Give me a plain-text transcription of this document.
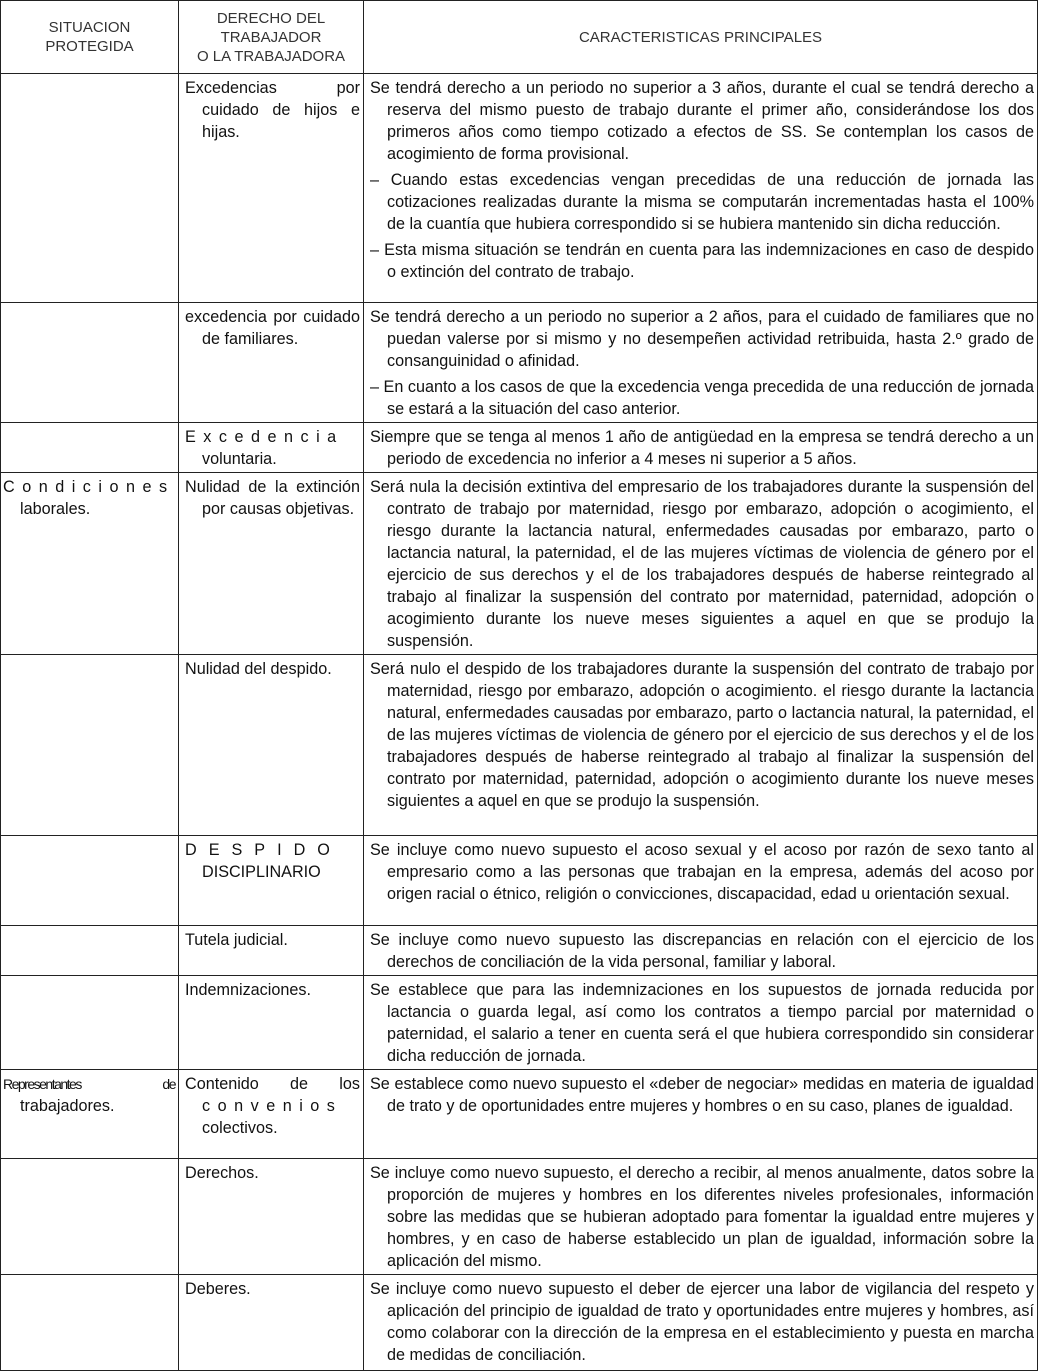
SITUACION
PROTEGIDA	DERECHO DEL
TRABAJADOR
O LA TRABAJADORA	CARACTERISTICAS PRINCIPALES

	Excedencias por cuidado de hijos e hijas.	Se tendrá derecho a un periodo no superior a 3 años, durante el cual se tendrá derecho a reserva del mismo puesto de trabajo durante el primer año, considerándose los dos primeros años como tiempo cotizado a efectos de SS. Se contemplan los casos de acogimiento de forma provisional.
– Cuando estas excedencias vengan precedidas de una reducción de jornada las cotizaciones realizadas durante la misma se computarán incrementadas hasta el 100% de la cuantía que hubiera correspondido si se hubiera mantenido sin dicha reducción.
– Esta misma situación se tendrán en cuenta para las indemnizaciones en caso de despido o extinción del contrato de trabajo.

	excedencia por cuidado de familiares.	Se tendrá derecho a un periodo no superior a 2 años, para el cuidado de familiares que no puedan valerse por si mismo y no desempeñen actividad retribuida, hasta 2.º grado de consanguinidad o afinidad.
– En cuanto a los casos de que la excedencia venga precedida de una reducción de jornada se estará a la situación del caso anterior.

	Excedencia voluntaria.	Siempre que se tenga al menos 1 año de antigüedad en la empresa se tendrá derecho a un periodo de excedencia no inferior a 4 meses ni superior a 5 años.

Condiciones laborales.	Nulidad de la extinción por causas objetivas.	Será nula la decisión extintiva del empresario de los trabajadores durante la suspensión del contrato de trabajo por maternidad, riesgo por embarazo, adopción o acogimiento, el riesgo durante la lactancia natural, enfermedades causadas por embarazo, parto o lactancia natural, la paternidad, el de las mujeres víctimas de violencia de género por el ejercicio de sus derechos y el de los trabajadores después de haberse reintegrado al trabajo al finalizar la suspensión del contrato por maternidad, paternidad, adopción o acogimiento durante los nueve meses siguientes a aquel en que se produjo la suspensión.

	Nulidad del despido.	Será nulo el despido de los trabajadores durante la suspensión del contrato de trabajo por maternidad, riesgo por embarazo, adopción o acogimiento. el riesgo durante la lactancia natural, enfermedades causadas por embarazo, parto o lactancia natural, la paternidad, el de las mujeres víctimas de violencia de género por el ejercicio de sus derechos y el de los trabajadores después de haberse reintegrado al trabajo al finalizar la suspensión del contrato por maternidad, paternidad, adopción o acogimiento durante los nueve meses siguientes a aquel en que se produjo la suspensión.

	DESPIDO DISCIPLINARIO	Se incluye como nuevo supuesto el acoso sexual y el acoso por razón de sexo tanto al empresario como a las personas que trabajan en la empresa, además del acoso por origen racial o étnico, religión o convicciones, discapacidad, edad u orientación sexual.

	Tutela judicial.	Se incluye como nuevo supuesto las discrepancias en relación con el ejercicio de los derechos de conciliación de la vida personal, familiar y laboral.

	Indemnizaciones.	Se establece que para las indemnizaciones en los supuestos de jornada reducida por lactancia o guarda legal, así como los contratos a tiempo parcial por maternidad o paternidad, el salario a tener en cuenta será el que hubiera correspondido sin considerar dicha reducción de jornada.

Representantes de trabajadores.	Contenido de los convenios colectivos.	Se establece como nuevo supuesto el «deber de negociar» medidas en materia de igualdad de trato y de oportunidades entre mujeres y hombres o en su caso, planes de igualdad.

	Derechos.	Se incluye como nuevo supuesto, el derecho a recibir, al menos anualmente, datos sobre la proporción de mujeres y hombres en los diferentes niveles profesionales, información sobre las medidas que se hubieran adoptado para fomentar la igualdad entre mujeres y hombres, y en caso de haberse establecido un plan de igualdad, información sobre la aplicación del mismo.

	Deberes.	Se incluye como nuevo supuesto el deber de ejercer una labor de vigilancia del respeto y aplicación del principio de igualdad de trato y oportunidades entre mujeres y hombres, así como colaborar con la dirección de la empresa en el establecimiento y puesta en marcha de medidas de conciliación.
